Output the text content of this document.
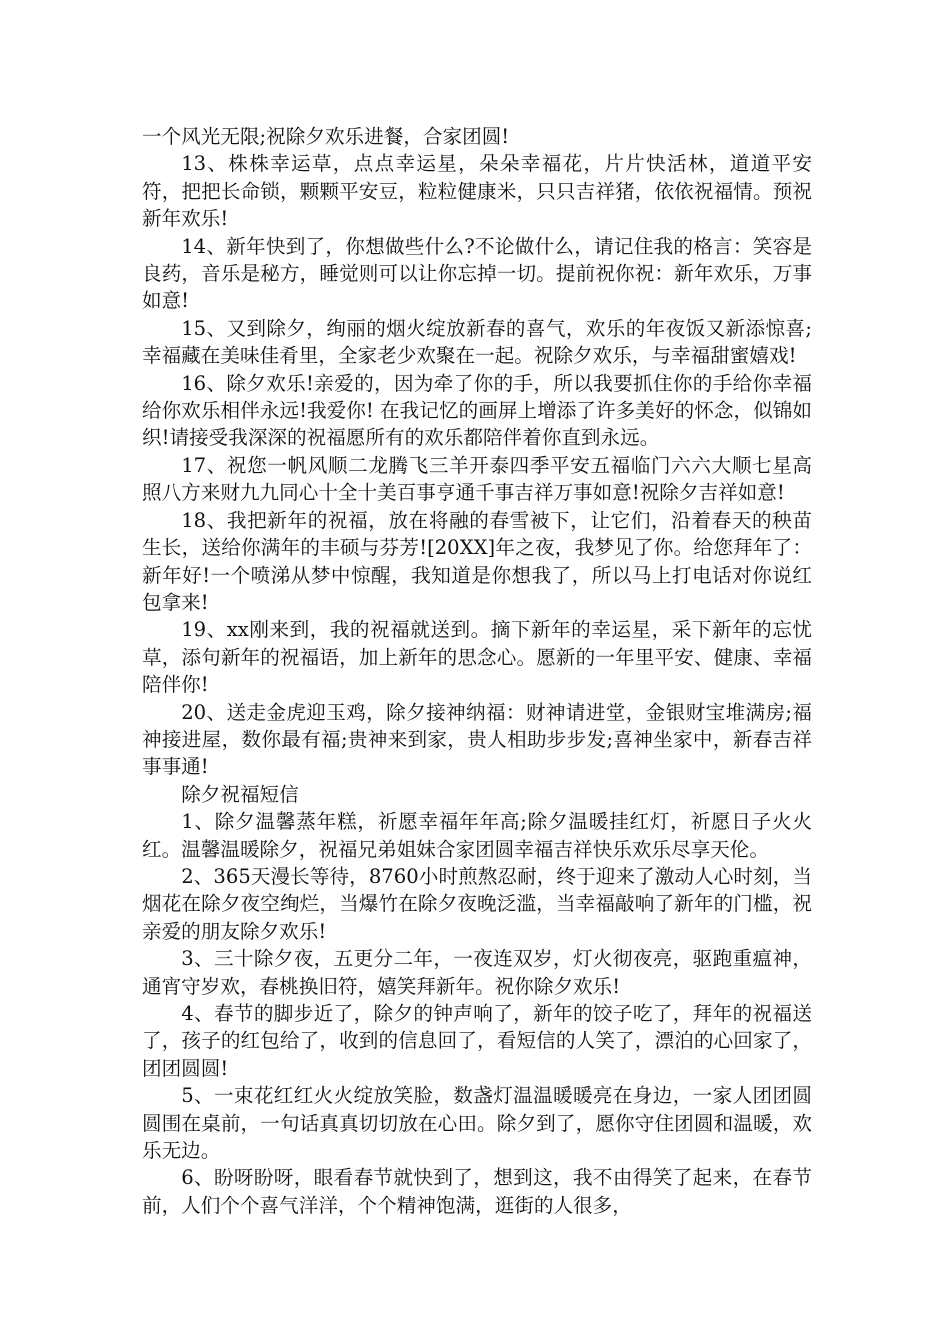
一个风光无限;祝除夕欢乐进餐，合家团圆!

13、株株幸运草，点点幸运星，朵朵幸福花，片片快活林，道道平安符，把把长命锁，颗颗平安豆，粒粒健康米，只只吉祥猪，依依祝福情。预祝新年欢乐!

14、新年快到了，你想做些什么?不论做什么，请记住我的格言：笑容是良药，音乐是秘方，睡觉则可以让你忘掉一切。提前祝你祝：新年欢乐，万事如意!

15、又到除夕，绚丽的烟火绽放新春的喜气，欢乐的年夜饭又新添惊喜;幸福藏在美味佳肴里，全家老少欢聚在一起。祝除夕欢乐，与幸福甜蜜嬉戏!

16、除夕欢乐!亲爱的，因为牵了你的手，所以我要抓住你的手给你幸福给你欢乐相伴永远!我爱你! 在我记忆的画屏上增添了许多美好的怀念，似锦如织!请接受我深深的祝福愿所有的欢乐都陪伴着你直到永远。

17、祝您一帆风顺二龙腾飞三羊开泰四季平安五福临门六六大顺七星高照八方来财九九同心十全十美百事亨通千事吉祥万事如意!祝除夕吉祥如意!

18、我把新年的祝福，放在将融的春雪被下，让它们，沿着春天的秧苗生长，送给你满年的丰硕与芬芳![20XX]年之夜，我梦见了你。给您拜年了：新年好!一个喷涕从梦中惊醒，我知道是你想我了，所以马上打电话对你说红包拿来!

19、xx刚来到，我的祝福就送到。摘下新年的幸运星，采下新年的忘忧草，添句新年的祝福语，加上新年的思念心。愿新的一年里平安、健康、幸福陪伴你!

20、送走金虎迎玉鸡，除夕接神纳福：财神请进堂，金银财宝堆满房;福神接进屋，数你最有福;贵神来到家，贵人相助步步发;喜神坐家中，新春吉祥事事通!

除夕祝福短信

1、除夕温馨蒸年糕，祈愿幸福年年高;除夕温暖挂红灯，祈愿日子火火红。温馨温暖除夕，祝福兄弟姐妹合家团圆幸福吉祥快乐欢乐尽享天伦。

2、365天漫长等待，8760小时煎熬忍耐，终于迎来了激动人心时刻，当烟花在除夕夜空绚烂，当爆竹在除夕夜晚泛滥，当幸福敲响了新年的门槛，祝亲爱的朋友除夕欢乐!

3、三十除夕夜，五更分二年，一夜连双岁，灯火彻夜亮，驱跑重瘟神，通宵守岁欢，春桃换旧符，嬉笑拜新年。祝你除夕欢乐!

4、春节的脚步近了，除夕的钟声响了，新年的饺子吃了，拜年的祝福送了，孩子的红包给了，收到的信息回了，看短信的人笑了，漂泊的心回家了，团团圆圆!

5、一束花红红火火绽放笑脸，数盏灯温温暖暖亮在身边，一家人团团圆圆围在桌前，一句话真真切切放在心田。除夕到了，愿你守住团圆和温暖，欢乐无边。

6、盼呀盼呀，眼看春节就快到了，想到这，我不由得笑了起来，在春节前，人们个个喜气洋洋，个个精神饱满，逛街的人很多，
